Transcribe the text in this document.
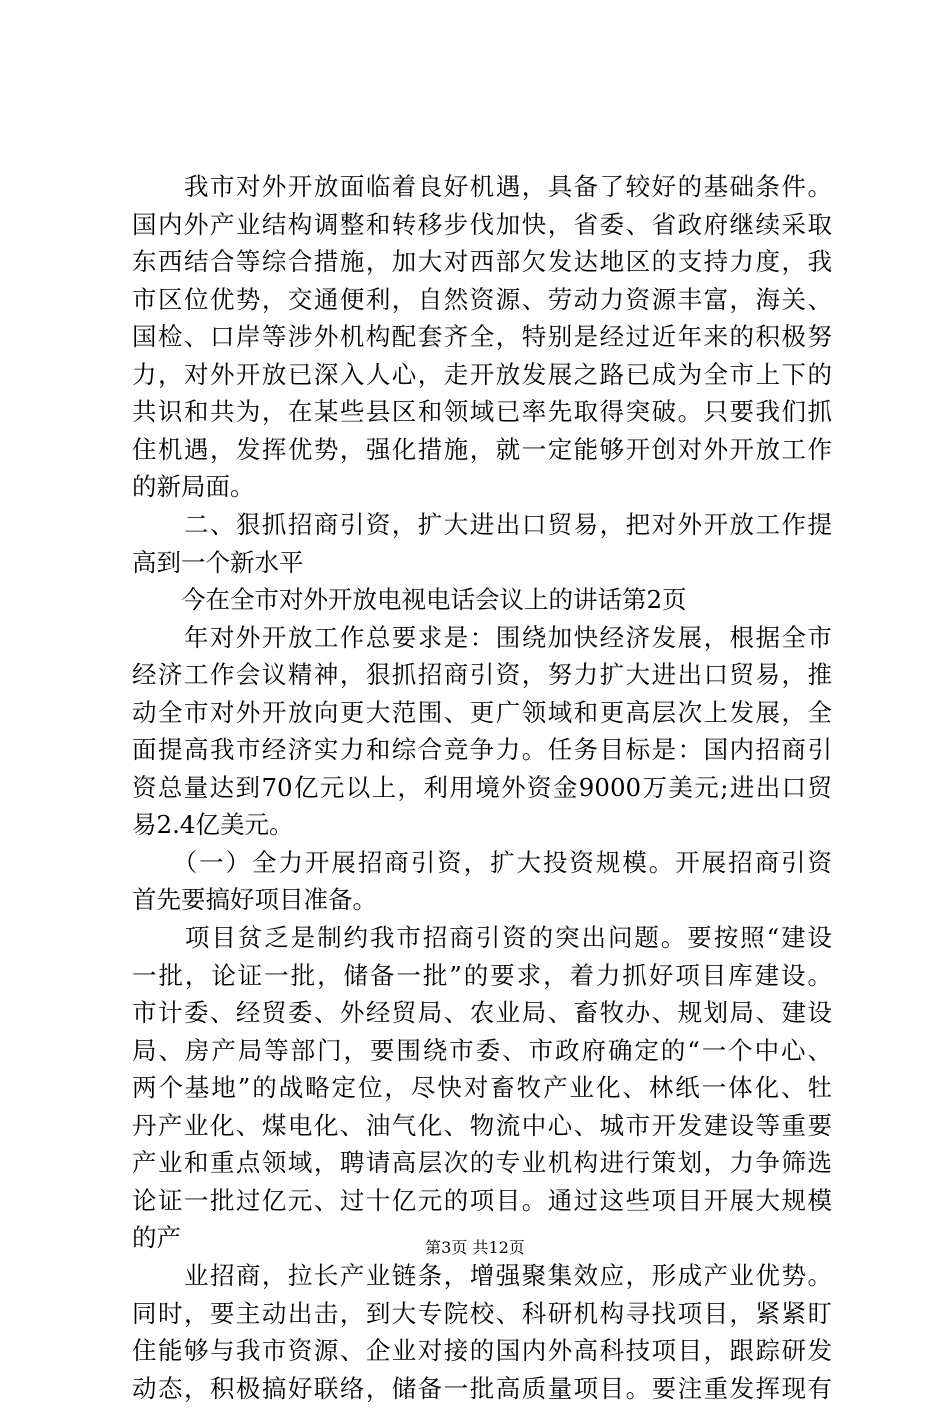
　　我市对外开放面临着良好机遇，具备了较好的基础条件。
国内外产业结构调整和转移步伐加快，省委、省政府继续采取
东西结合等综合措施，加大对西部欠发达地区的支持力度，我
市区位优势，交通便利，自然资源、劳动力资源丰富，海关、
国检、口岸等涉外机构配套齐全，特别是经过近年来的积极努
力，对外开放已深入人心，走开放发展之路已成为全市上下的
共识和共为，在某些县区和领域已率先取得突破。只要我们抓
住机遇，发挥优势，强化措施，就一定能够开创对外开放工作
的新局面。
　　二、狠抓招商引资，扩大进出口贸易，把对外开放工作提
高到一个新水平
　　今在全市对外开放电视电话会议上的讲话第2页
　　年对外开放工作总要求是：围绕加快经济发展，根据全市
经济工作会议精神，狠抓招商引资，努力扩大进出口贸易，推
动全市对外开放向更大范围、更广领域和更高层次上发展，全
面提高我市经济实力和综合竞争力。任务目标是：国内招商引
资总量达到70亿元以上，利用境外资金9000万美元;进出口贸
易2.4亿美元。
　　（一）全力开展招商引资，扩大投资规模。开展招商引资
首先要搞好项目准备。
　　项目贫乏是制约我市招商引资的突出问题。要按照“建设
一批，论证一批，储备一批”的要求，着力抓好项目库建设。
市计委、经贸委、外经贸局、农业局、畜牧办、规划局、建设
局、房产局等部门，要围绕市委、市政府确定的“一个中心、
两个基地”的战略定位，尽快对畜牧产业化、林纸一体化、牡
丹产业化、煤电化、油气化、物流中心、城市开发建设等重要
产业和重点领域，聘请高层次的专业机构进行策划，力争筛选
论证一批过亿元、过十亿元的项目。通过这些项目开展大规模
的产
　　业招商，拉长产业链条，增强聚集效应，形成产业优势。
同时，要主动出击，到大专院校、科研机构寻找项目，紧紧盯
住能够与我市资源、企业对接的国内外高科技项目，跟踪研发
动态，积极搞好联络，储备一批高质量项目。要注重发挥现有
第3页 共12页
